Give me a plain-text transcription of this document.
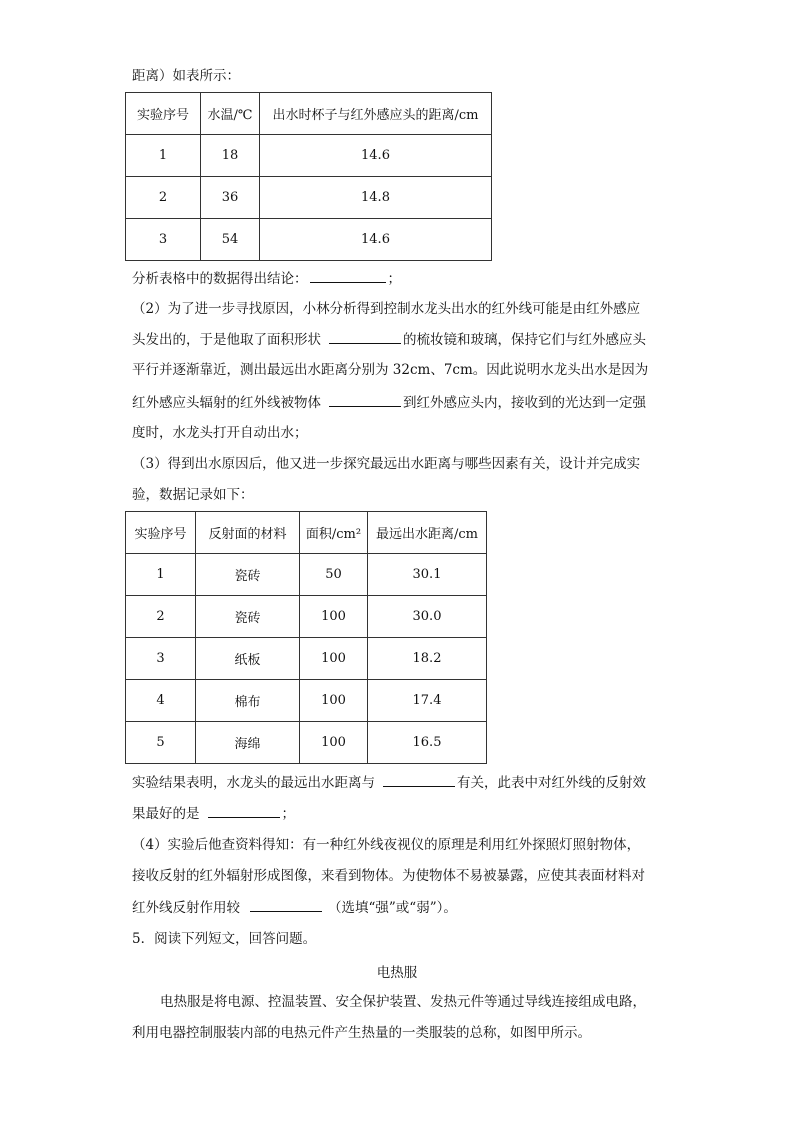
距离）如表所示：
实验序号	水温/℃	出水时杯子与红外感应头的距离/cm
1	18	14.6
2	36	14.8
3	54	14.6
分析表格中的数据得出结论：	；
（2）为了进一步寻找原因，小林分析得到控制水龙头出水的红外线可能是由红外感应
头发出的，于是他取了面积形状	的梳妆镜和玻璃，保持它们与红外感应头
平行并逐渐靠近，测出最远出水距离分别为 32cm、7cm。因此说明水龙头出水是因为
红外感应头辐射的红外线被物体	到红外感应头内，接收到的光达到一定强
度时，水龙头打开自动出水；
（3）得到出水原因后，他又进一步探究最远出水距离与哪些因素有关，设计并完成实
验，数据记录如下：
实验序号	反射面的材料	面积/cm²	最远出水距离/cm
1	瓷砖	50	30.1
2	瓷砖	100	30.0
3	纸板	100	18.2
4	棉布	100	17.4
5	海绵	100	16.5
实验结果表明，水龙头的最远出水距离与	有关，此表中对红外线的反射效
果最好的是	；
（4）实验后他查资料得知：有一种红外线夜视仪的原理是利用红外探照灯照射物体，
接收反射的红外辐射形成图像，来看到物体。为使物体不易被暴露，应使其表面材料对
红外线反射作用较	（选填“强”或“弱”）。
5．阅读下列短文，回答问题。
电热服
电热服是将电源、控温装置、安全保护装置、发热元件等通过导线连接组成电路，
利用电器控制服装内部的电热元件产生热量的一类服装的总称，如图甲所示。
